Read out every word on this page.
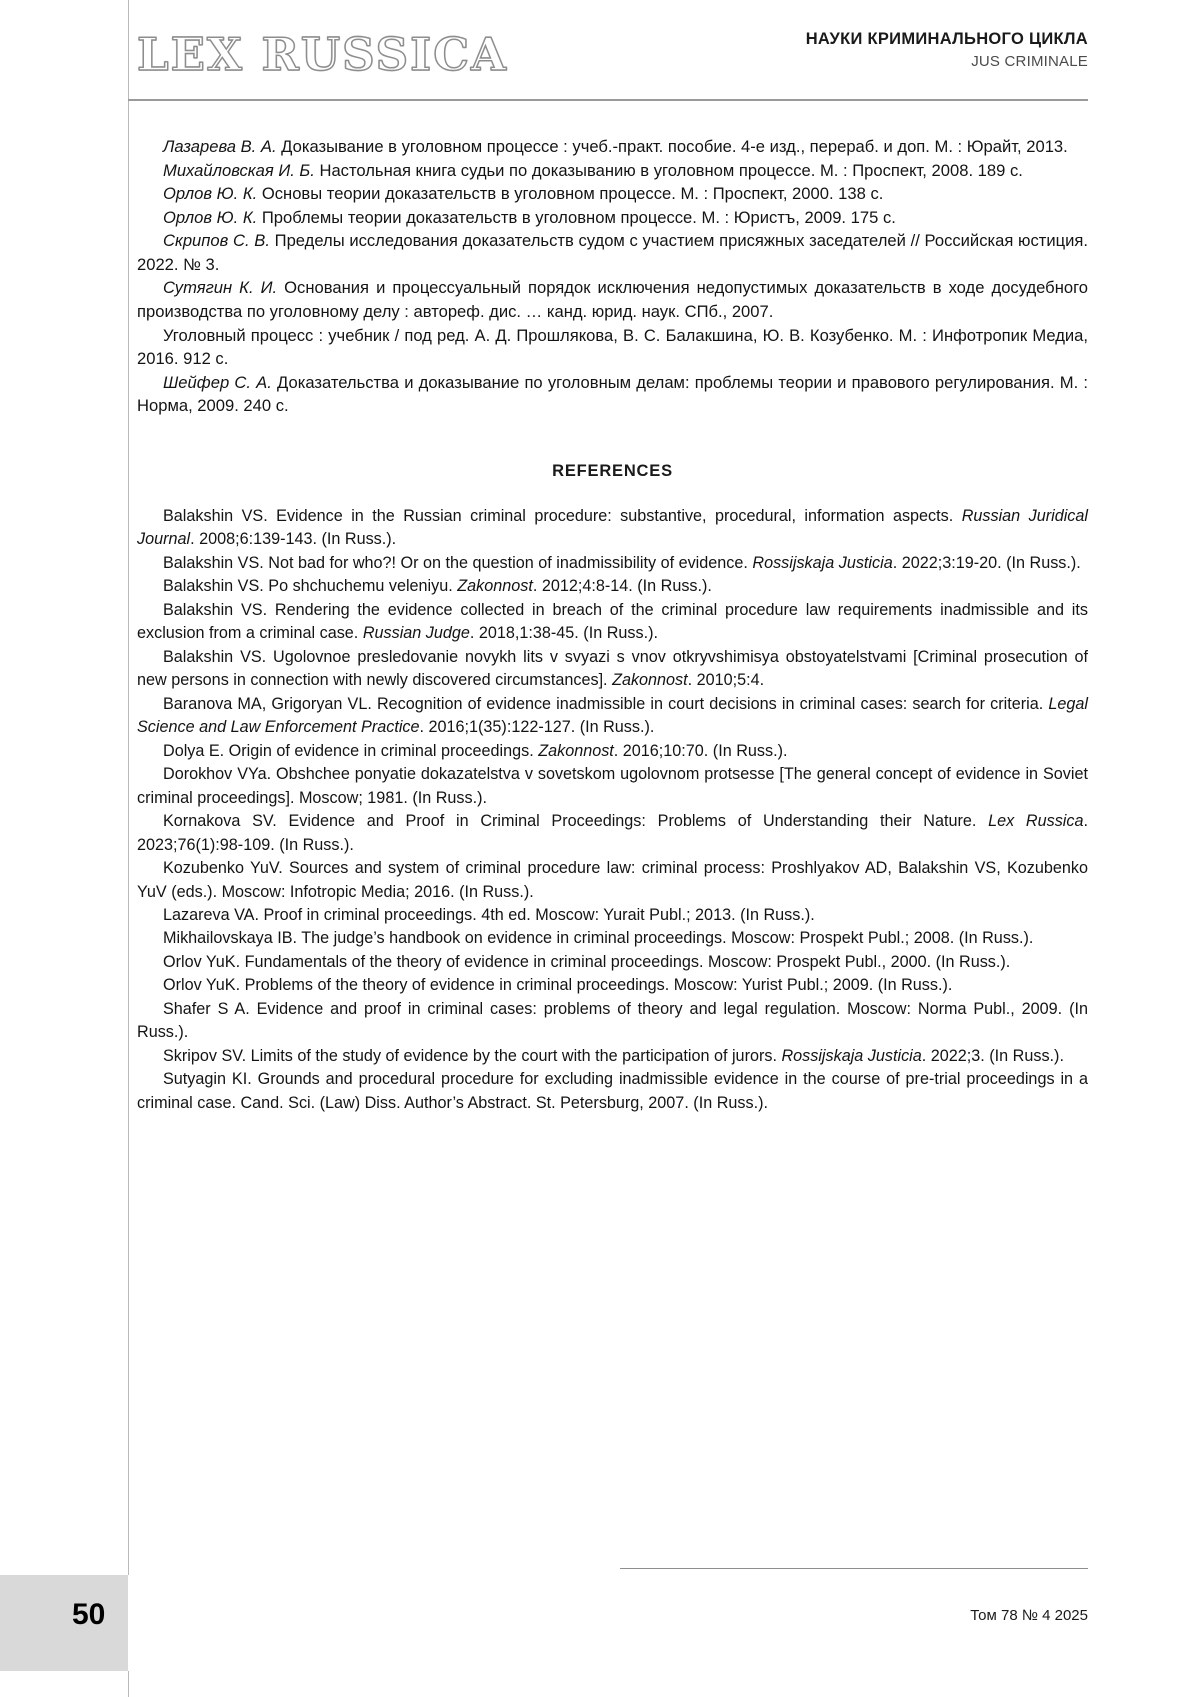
LEX RUSSICA	НАУКИ КРИМИНАЛЬНОГО ЦИКЛА
JUS CRIMINALE

Лазарева В. А. Доказывание в уголовном процессе : учеб.-практ. пособие. 4-е изд., перераб. и доп. М. : Юрайт, 2013.

Михайловская И. Б. Настольная книга судьи по доказыванию в уголовном процессе. М. : Проспект, 2008. 189 с.

Орлов Ю. К. Основы теории доказательств в уголовном процессе. М. : Проспект, 2000. 138 с.

Орлов Ю. К. Проблемы теории доказательств в уголовном процессе. М. : Юристъ, 2009. 175 с.

Скрипов С. В. Пределы исследования доказательств судом с участием присяжных заседателей // Российская юстиция. 2022. № 3.

Сутягин К. И. Основания и процессуальный порядок исключения недопустимых доказательств в ходе досудебного производства по уголовному делу : автореф. дис. … канд. юрид. наук. СПб., 2007.

Уголовный процесс : учебник / под ред. А. Д. Прошлякова, В. С. Балакшина, Ю. В. Козубенко. М. : Инфотропик Медиа, 2016. 912 с.

Шейфер С. А. Доказательства и доказывание по уголовным делам: проблемы теории и правового регулирования. М. : Норма, 2009. 240 с.

REFERENCES

Balakshin VS. Evidence in the Russian criminal procedure: substantive, procedural, information aspects. Russian Juridical Journal. 2008;6:139-143. (In Russ.).

Balakshin VS. Not bad for who?! Or on the question of inadmissibility of evidence. Rossijskaja Justicia. 2022;3:19-20. (In Russ.).

Balakshin VS. Po shchuchemu veleniyu. Zakonnost. 2012;4:8-14. (In Russ.).

Balakshin VS. Rendering the evidence collected in breach of the criminal procedure law requirements inadmissible and its exclusion from a criminal case. Russian Judge. 2018,1:38-45. (In Russ.).

Balakshin VS. Ugolovnoe presledovanie novykh lits v svyazi s vnov otkryvshimisya obstoyatelstvami [Criminal prosecution of new persons in connection with newly discovered circumstances]. Zakonnost. 2010;5:4.

Baranova MA, Grigoryan VL. Recognition of evidence inadmissible in court decisions in criminal cases: search for criteria. Legal Science and Law Enforcement Practice. 2016;1(35):122-127. (In Russ.).

Dolya E. Origin of evidence in criminal proceedings. Zakonnost. 2016;10:70. (In Russ.).

Dorokhov VYa. Obshchee ponyatie dokazatelstva v sovetskom ugolovnom protsesse [The general concept of evidence in Soviet criminal proceedings]. Moscow; 1981. (In Russ.).

Kornakova SV. Evidence and Proof in Criminal Proceedings: Problems of Understanding their Nature. Lex Russica. 2023;76(1):98-109. (In Russ.).

Kozubenko YuV. Sources and system of criminal procedure law: criminal process: Proshlyakov AD, Balakshin VS, Kozubenko YuV (eds.). Moscow: Infotropic Media; 2016. (In Russ.).

Lazareva VA. Proof in criminal proceedings. 4th ed. Moscow: Yurait Publ.; 2013. (In Russ.).

Mikhailovskaya IB. The judge’s handbook on evidence in criminal proceedings. Moscow: Prospekt Publ.; 2008. (In Russ.).

Orlov YuK. Fundamentals of the theory of evidence in criminal proceedings. Moscow: Prospekt Publ., 2000. (In Russ.).

Orlov YuK. Problems of the theory of evidence in criminal proceedings. Moscow: Yurist Publ.; 2009. (In Russ.).

Shafer S A. Evidence and proof in criminal cases: problems of theory and legal regulation. Moscow: Norma Publ., 2009. (In Russ.).

Skripov SV. Limits of the study of evidence by the court with the participation of jurors. Rossijskaja Justicia. 2022;3. (In Russ.).

Sutyagin KI. Grounds and procedural procedure for excluding inadmissible evidence in the course of pre-trial proceedings in a criminal case. Cand. Sci. (Law) Diss. Author’s Abstract. St. Petersburg, 2007. (In Russ.).

50	Том 78 № 4 2025
